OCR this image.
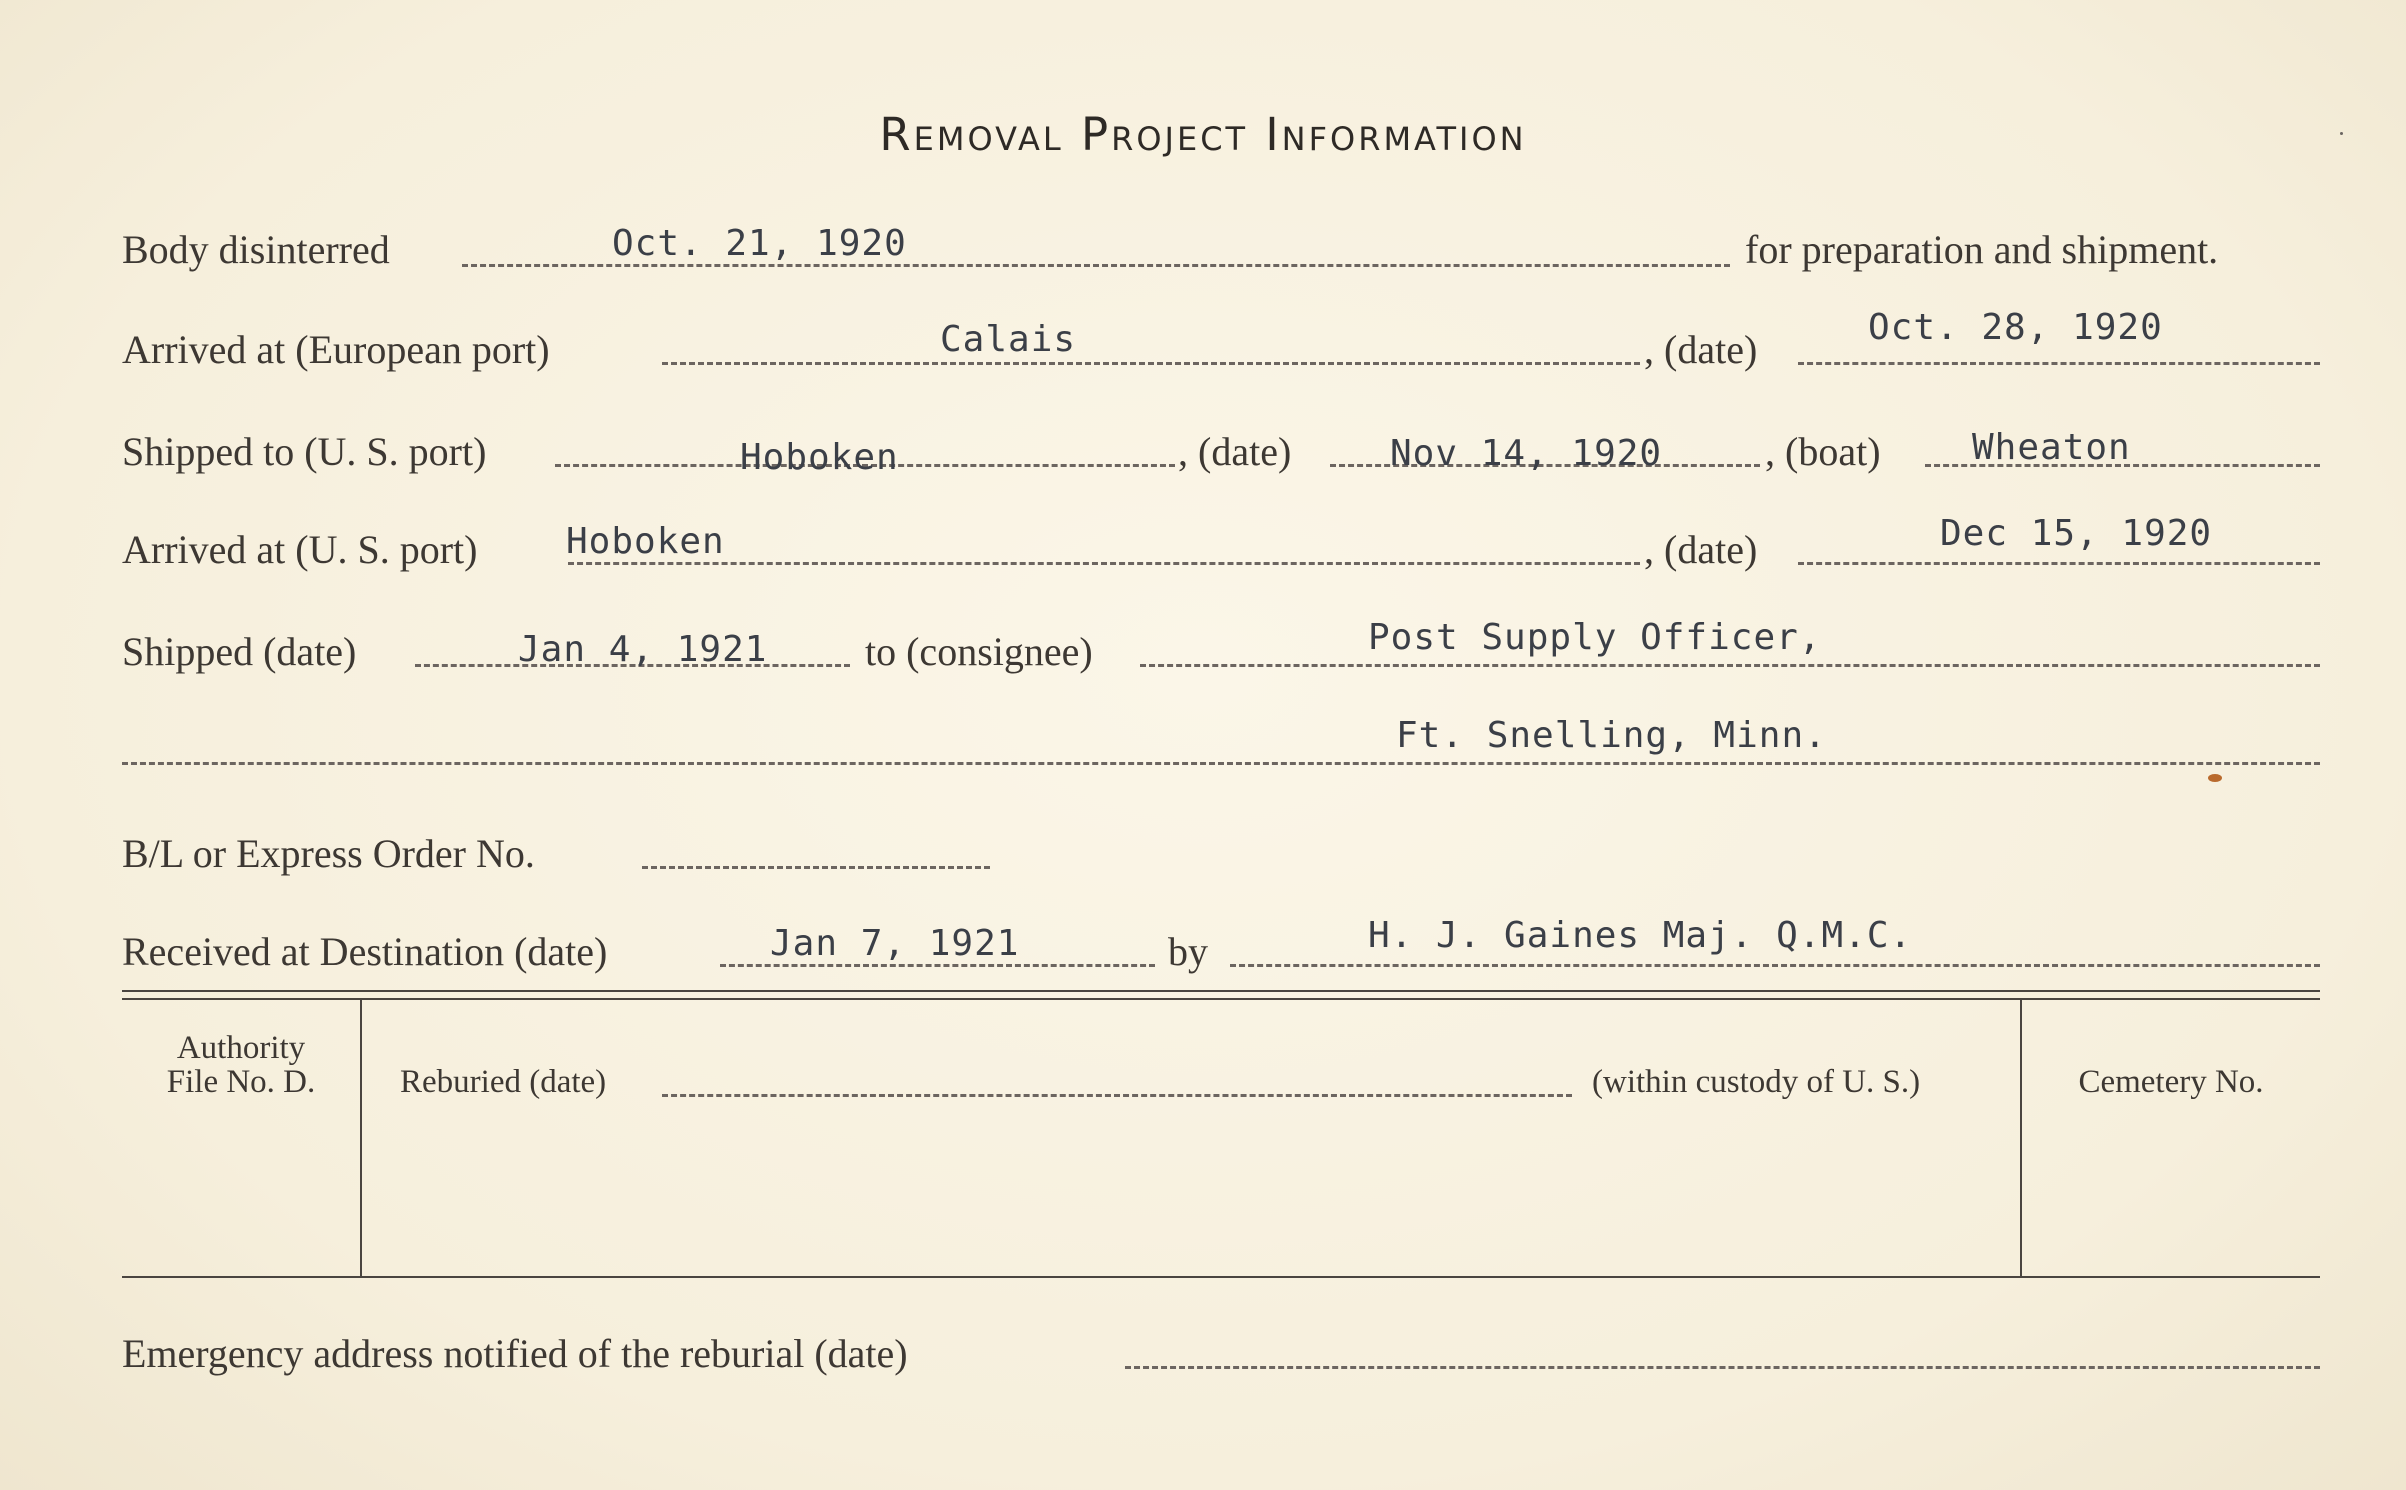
Removal Project Information
Body disinterred	Oct. 21, 1920	for preparation and shipment.
Arrived at (European port)	Calais	, (date)	Oct. 28, 1920
Shipped to (U. S. port)	Hoboken	, (date)	Nov 14, 1920	, (boat)	Wheaton
Arrived at (U. S. port) Hoboken	, (date)	Dec 15, 1920
Shipped (date)	Jan 4, 1921 to (consignee)	Post Supply Officer,
Ft. Snelling, Minn.
B/L or Express Order No.
Received at Destination (date)	Jan 7, 1921	by	H. J. Gaines Maj. Q.M.C.
Authority
File No. D.	Reburied (date)	(within custody of U. S.)	Cemetery No.
Emergency address notified of the reburial (date)
